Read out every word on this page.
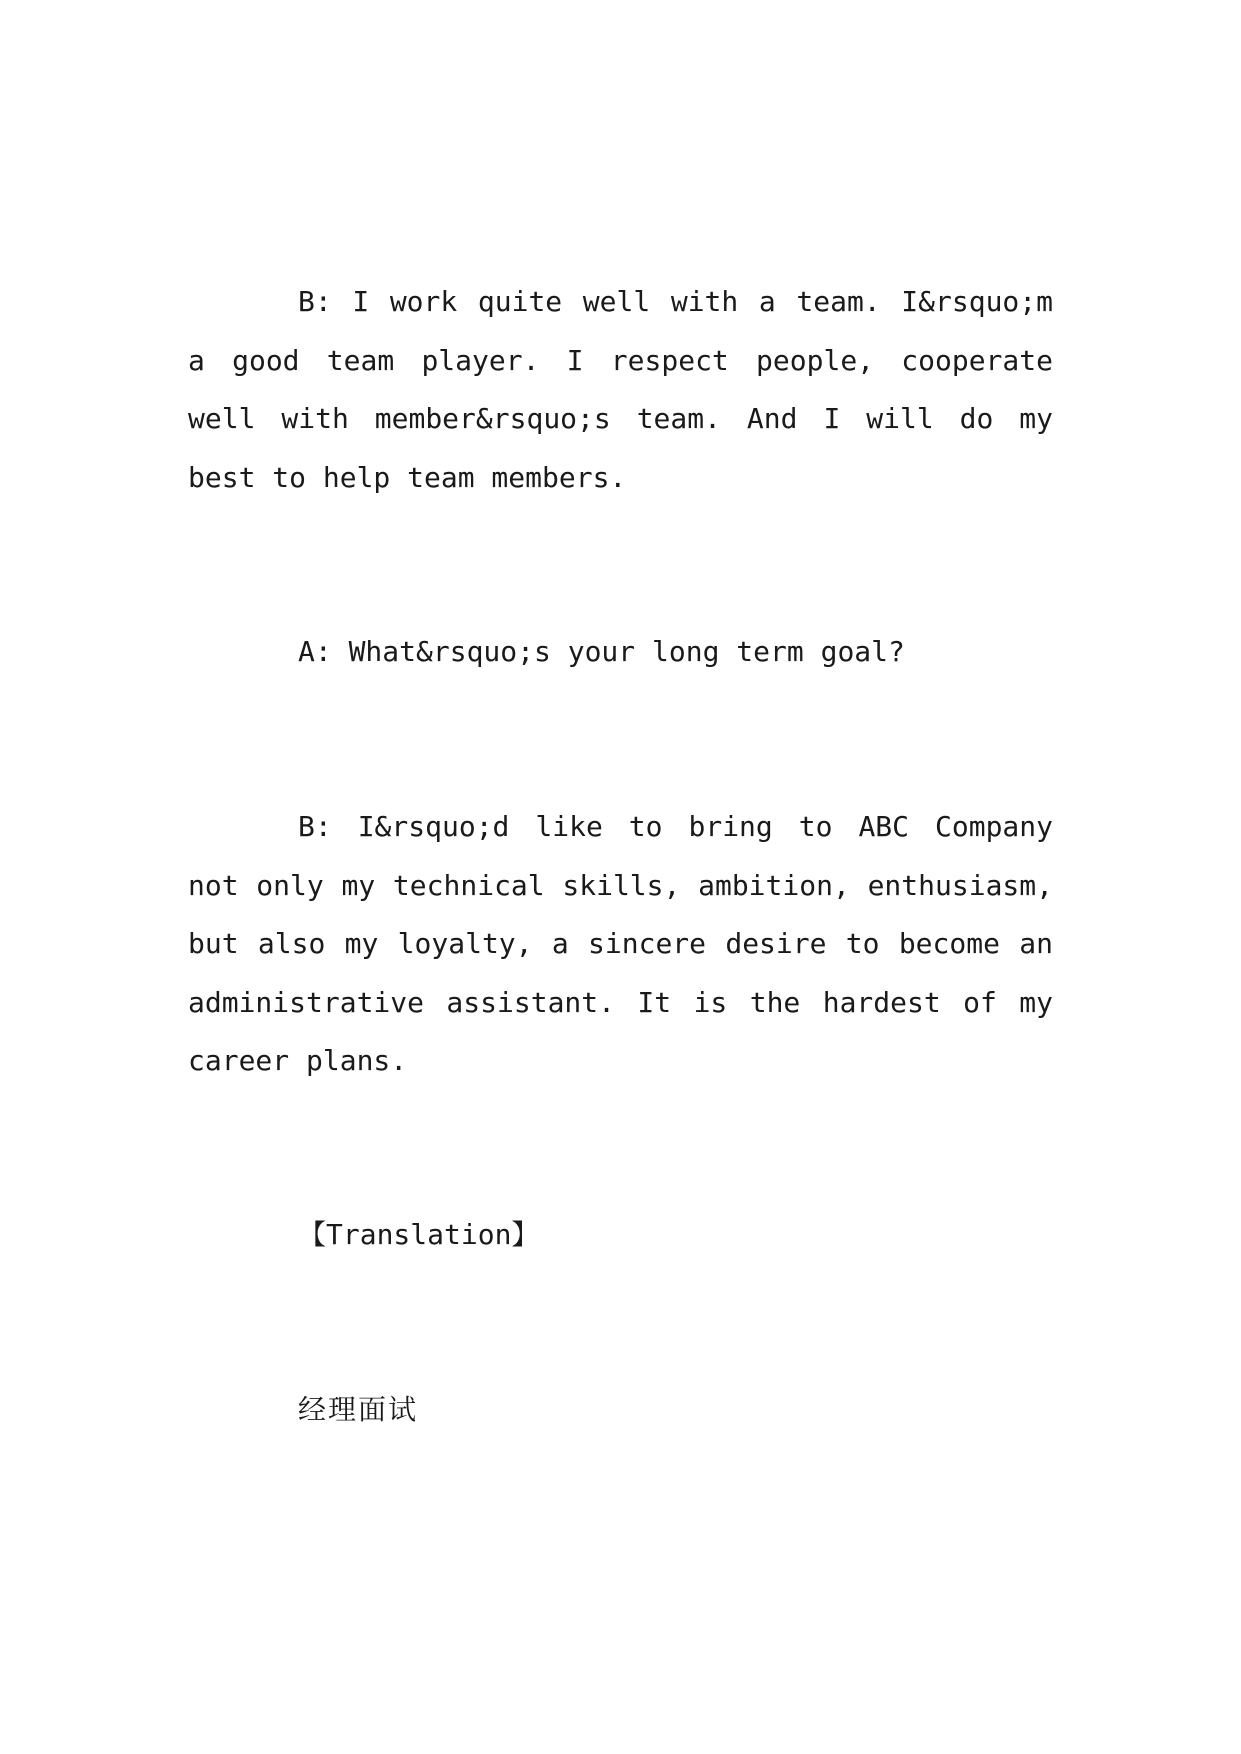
B: I work quite well with a team. I&rsquo;m a good team player. I respect people, cooperate well with member&rsquo;s team. And I will do my best to help team members.

A: What&rsquo;s your long term goal?

B: I&rsquo;d like to bring to ABC Company not only my technical skills, ambition, enthusiasm, but also my loyalty, a sincere desire to become an administrative assistant. It is the hardest of my career plans.

【Translation】

经理面试
